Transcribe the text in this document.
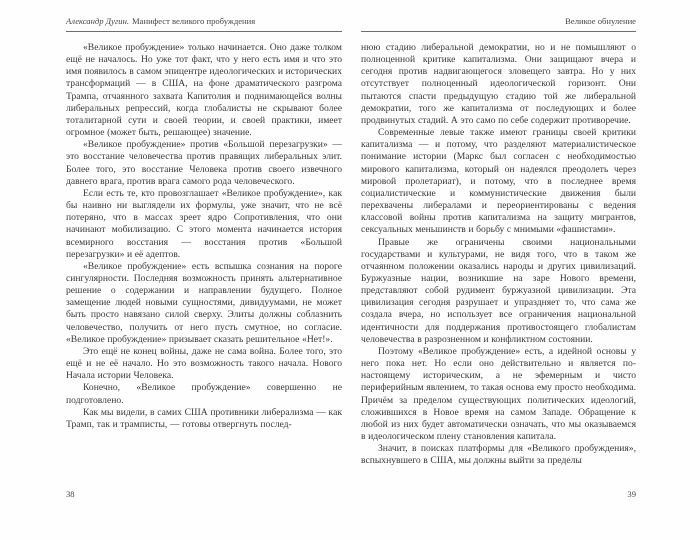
Александр Дугин. Манифест великого пробуждения

«Великое пробуждение» только начинается. Оно даже толком ещё не началось. Но уже тот факт, что у него есть имя и что это имя появилось в самом эпицентре идеологических и исторических трансформаций — в США, на фоне драматического разгрома Трампа, отчаянного захвата Капитолия и поднимающейся волны либеральных репрессий, когда глобалисты не скрывают более тоталитарной сути и своей теории, и своей практики, имеет огромное (может быть, решающее) значение.

«Великое пробуждение» против «Большой перезагрузки» — это восстание человечества против правящих либеральных элит. Более того, это восстание Человека против своего извечного давнего врага, против врага самого рода человеческого.

Если есть те, кто провозглашает «Великое пробуждение», как бы наивно ни выглядели их формулы, уже значит, что не всё потеряно, что в массах зреет ядро Сопротивления, что они начинают мобилизацию. С этого момента начинается история всемирного восстания — восстания против «Большой перезагрузки» и её адептов.

«Великое пробуждение» есть вспышка сознания на пороге сингулярности. Последняя возможность принять альтернативное решение о содержании и направлении будущего. Полное замещение людей новыми сущностями, дивидуумами, не может быть просто навязано силой сверху. Элиты должны соблазнить человечество, получить от него пусть смутное, но согласие. «Великое пробуждение» призывает сказать решительное «Нет!».

Это ещё не конец войны, даже не сама война. Более того, это ещё и не её начало. Но это возможность такого начала. Нового Начала истории Человека.

Конечно, «Великое пробуждение» совершенно не подготовлено.

Как мы видели, в самих США противники либерализма — как Трамп, так и трамписты, — готовы отвергнуть послед-

38
Великое обнуление

нюю стадию либеральной демократии, но и не помышляют о полноценной критике капитализма. Они защищают вчера и сегодня против надвигающегося зловещего завтра. Но у них отсутствует полноценный идеологической горизонт. Они пытаются спасти предыдущую стадию той же либеральной демократии, того же капитализма от последующих и более продвинутых стадий. А это само по себе содержит противоречие.

Современные левые также имеют границы своей критики капитализма — и потому, что разделяют материалистическое понимание истории (Маркс был согласен с необходимостью мирового капитализма, который он надеялся преодолеть через мировой пролетариат), и потому, что в последнее время социалистические и коммунистические движения были перехвачены либералами и переориентированы с ведения классовой войны против капитализма на защиту мигрантов, сексуальных меньшинств и борьбу с мнимыми «фашистами».

Правые же ограничены своими национальными государствами и культурами, не видя того, что в таком же отчаянном положении оказались народы и других цивилизаций. Буржуазные нации, возникшие на заре Нового времени, представляют собой рудимент буржуазной цивилизации. Эта цивилизация сегодня разрушает и упраздняет то, что сама же создала вчера, но использует все ограничения национальной идентичности для поддержания противостоящего глобалистам человечества в разрозненном и конфликтном состоянии.

Поэтому «Великое пробуждение» есть, а идейной основы у него пока нет. Но если оно действительно и является по-настоящему историческим, а не эфемерным и чисто периферийным явлением, то такая основа ему просто необходима. Причём за пределом существующих политических идеологий, сложившихся в Новое время на самом Западе. Обращение к любой из них будет автоматически означать, что мы оказываемся в идеологическом плену становления капитала.

Значит, в поисках платформы для «Великого пробуждения», вспыхнувшего в США, мы должны выйти за пределы

39
